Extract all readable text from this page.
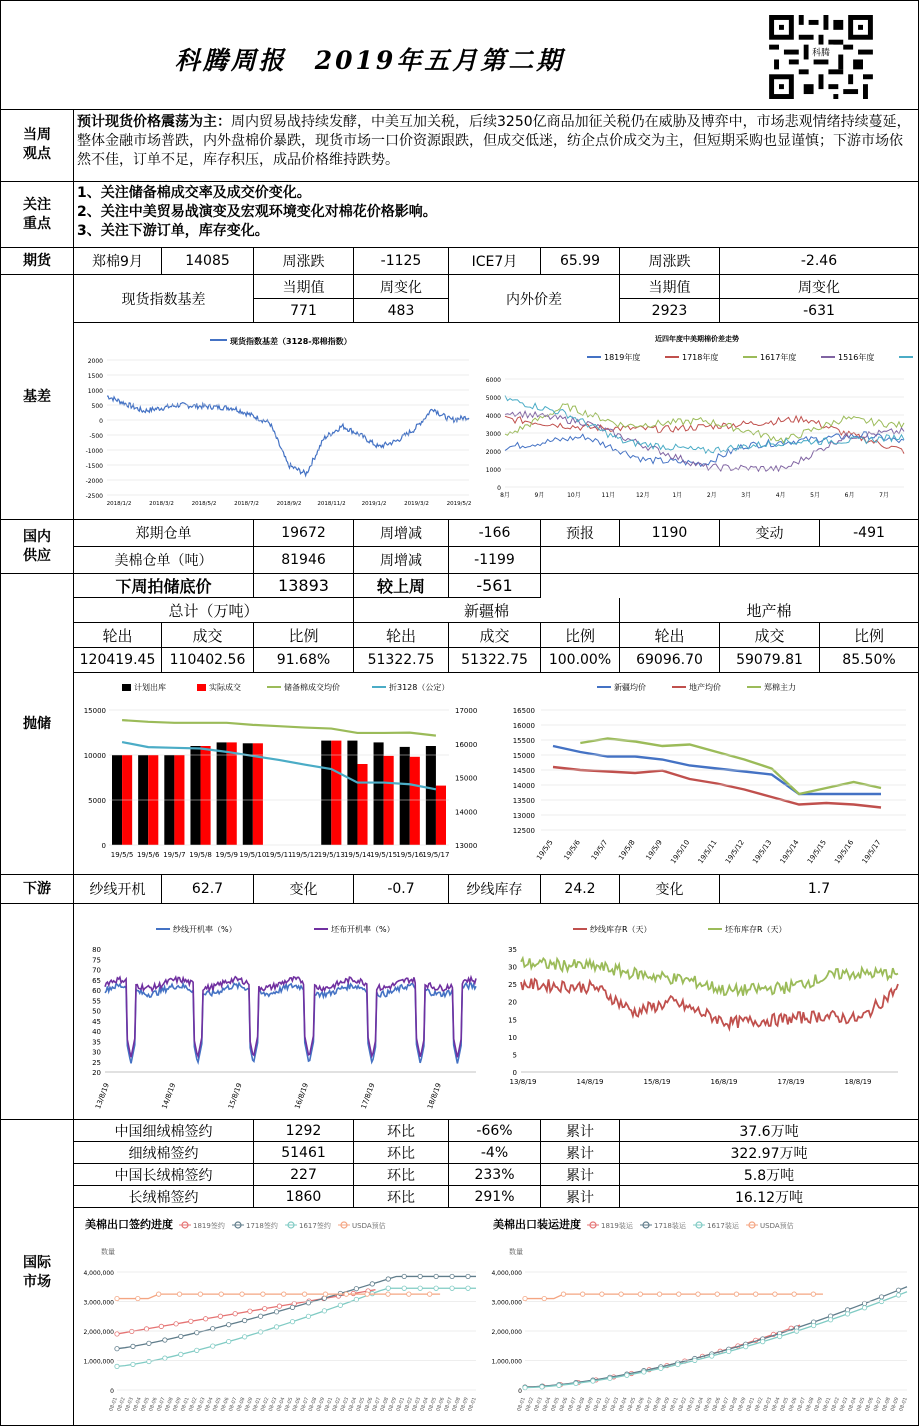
科腾周报　2019年五月第二期	科腾
当周观点
预计现货价格震荡为主：周内贸易战持续发酵，中美互加关税，后续3250亿商品加征关税仍在威胁及博弈中，市场悲观情绪持续蔓延，整体金融市场普跌，内外盘棉价暴跌，现货市场一口价资源跟跌，但成交低迷，纺企点价成交为主，但短期采购也显谨慎；下游市场依然不佳，订单不足，库存积压，成品价格维持跌势。
关注重点
1、关注储备棉成交率及成交价变化。
2、关注中美贸易战演变及宏观环境变化对棉花价格影响。
3、关注下游订单，库存变化。
期货	郑棉9月	14085	周涨跌	-1125	ICE7月	65.99	周涨跌	-2.46
基差
现货指数基差
当期值	周变化
771	483
内外价差
当期值	周变化
2923	-631
现货指数基差（3128-郑棉指数）
2000
1500
1000
500
0
-500
-1000
-1500
-2000
-2500
2018/1/2	2018/3/2	2018/5/2	2018/7/2	2018/9/2	2018/11/2	2019/1/2	2019/3/2	2019/5/2
近四年度中美期棉价差走势
1819年度	1718年度	1617年度	1516年度
6000
5000
4000
3000
2000
1000
0
8月	9月	10月	11月	12月	1月	2月	3月	4月	5月	6月	7月
国内供应
郑期仓单	19672	周增减	-166	预报	1190	变动	-491
美棉仓单（吨）	81946	周增减	-1199
抛储
下周拍储底价	13893	较上周	-561
总计（万吨）	新疆棉	地产棉
轮出	成交	比例	轮出	成交	比例	轮出	成交	比例
120419.45	110402.56	91.68%	51322.75	51322.75	100.00%	69096.70	59079.81	85.50%
计划出库	实际成交	储备棉成交均价	折3128（公定）
15000
10000
5000
0
17000
16000
15000
14000
13000
19/5/5 19/5/6 19/5/7 19/5/8 19/5/9 19/5/10 19/5/11 19/5/12 19/5/13 19/5/14 19/5/15 19/5/16 19/5/17
新疆均价	地产均价	郑棉主力
16500
16000
15500
15000
14500
14000
13500
13000
12500
19/5/5 19/5/6 19/5/7 19/5/8 19/5/9 19/5/10 19/5/11 19/5/12 19/5/13 19/5/14 19/5/15 19/5/16 19/5/17
下游	纱线开机	62.7	变化	-0.7	纱线库存	24.2	变化	1.7
纱线开机率（%）	坯布开机率（%）
80
75
70
65
60
55
50
45
40
35
30
25
20
13/8/19	14/8/19	15/8/19	16/8/19	17/8/19	18/8/19
纱线库存R（天）	坯布库存R（天）
35
30
25
20
15
10
5
0
13/8/19	14/8/19	15/8/19	16/8/19	17/8/19	18/8/19
国际市场
中国细绒棉签约	1292	环比	-66%	累计	37.6万吨
细绒棉签约	51461	环比	-4%	累计	322.97万吨
中国长绒棉签约	227	环比	233%	累计	5.8万吨
长绒棉签约	1860	环比	291%	累计	16.12万吨
1819签约	1718签约	1617签约	USDA预估
4,000,000
3,000,000
2,000,000
1,000,000
0
08-01
08-02
08-03
08-04
08-05
08-06
08-07
08-08
08-09
08-01
08-02
08-03
08-04
08-05
08-06
08-07
08-08
08-09
08-01
08-02
08-03
08-04
08-05
08-06
08-07
08-08
08-09
08-01
08-02
08-03
08-04
08-05
08-06
08-07
08-08
08-09
08-01
08-02
08-03
08-04
08-05
08-06
08-07
08-08
08-09
08-01
美棉出口签约进度
数量
1819装运	1718装运	1617装运	USDA预估
4,000,000
3,000,000
2,000,000
1,000,000
0
08-01
08-02
08-03
08-04
08-05
08-06
08-07
08-08
08-09
08-01
08-02
08-03
08-04
08-05
08-06
08-07
08-08
08-09
08-01
08-02
08-03
08-04
08-05
08-06
08-07
08-08
08-09
08-01
08-02
08-03
08-04
08-05
08-06
08-07
08-08
08-09
08-01
08-02
08-03
08-04
08-05
08-06
08-07
08-08
08-09
08-01
美棉出口装运进度
数量
